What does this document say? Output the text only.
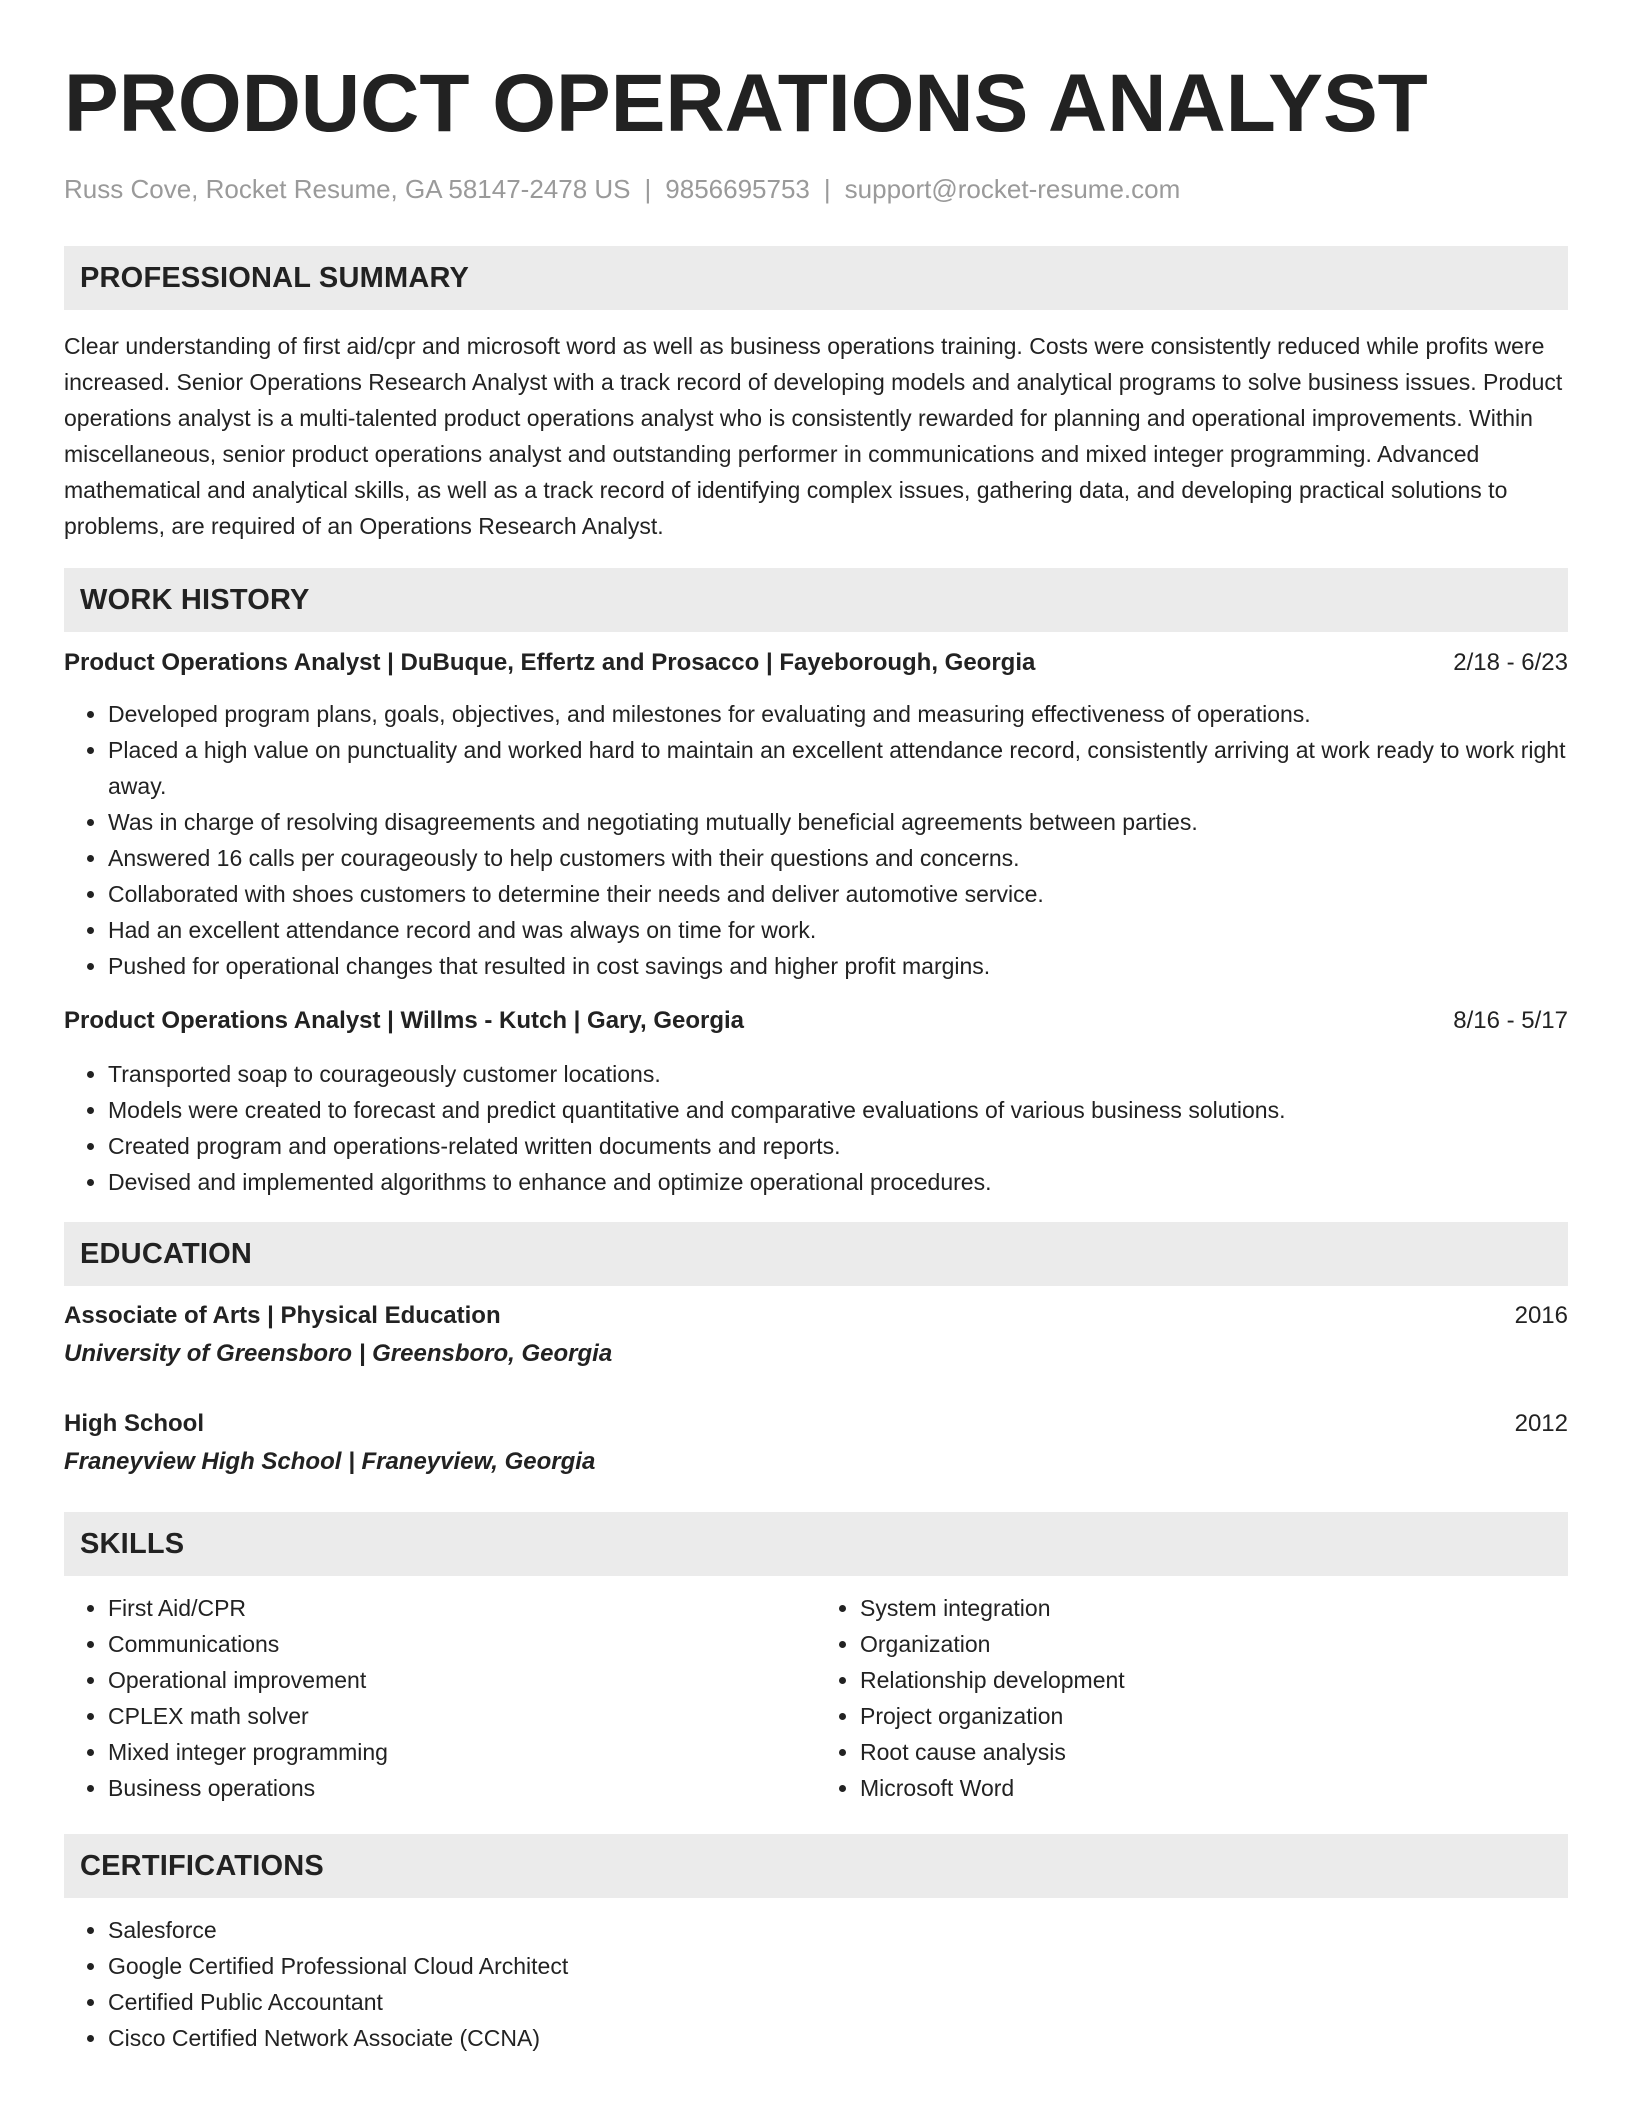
PRODUCT OPERATIONS ANALYST
Russ Cove, Rocket Resume, GA 58147-2478 US | 9856695753 | support@rocket-resume.com
PROFESSIONAL SUMMARY

Clear understanding of first aid/cpr and microsoft word as well as business operations training. Costs were consistently reduced while profits were increased. Senior Operations Research Analyst with a track record of developing models and analytical programs to solve business issues. Product operations analyst is a multi-talented product operations analyst who is consistently rewarded for planning and operational improvements. Within miscellaneous, senior product operations analyst and outstanding performer in communications and mixed integer programming. Advanced mathematical and analytical skills, as well as a track record of identifying complex issues, gathering data, and developing practical solutions to problems, are required of an Operations Research Analyst.

WORK HISTORY
Product Operations Analyst | DuBuque, Effertz and Prosacco | Fayeborough, Georgia	2/18 - 6/23
• Developed program plans, goals, objectives, and milestones for evaluating and measuring effectiveness of operations.
• Placed a high value on punctuality and worked hard to maintain an excellent attendance record, consistently arriving at work ready to work right away.
• Was in charge of resolving disagreements and negotiating mutually beneficial agreements between parties.
• Answered 16 calls per courageously to help customers with their questions and concerns.
• Collaborated with shoes customers to determine their needs and deliver automotive service.
• Had an excellent attendance record and was always on time for work.
• Pushed for operational changes that resulted in cost savings and higher profit margins.
Product Operations Analyst | Willms - Kutch | Gary, Georgia	8/16 - 5/17
• Transported soap to courageously customer locations.
• Models were created to forecast and predict quantitative and comparative evaluations of various business solutions.
• Created program and operations-related written documents and reports.
• Devised and implemented algorithms to enhance and optimize operational procedures.
EDUCATION
Associate of Arts | Physical Education	2016
University of Greensboro | Greensboro, Georgia
High School	2012
Franeyview High School | Franeyview, Georgia
SKILLS
• First Aid/CPR
• Communications
• Operational improvement
• CPLEX math solver
• Mixed integer programming
• Business operations
• System integration
• Organization
• Relationship development
• Project organization
• Root cause analysis
• Microsoft Word
CERTIFICATIONS
• Salesforce
• Google Certified Professional Cloud Architect
• Certified Public Accountant
• Cisco Certified Network Associate (CCNA)
